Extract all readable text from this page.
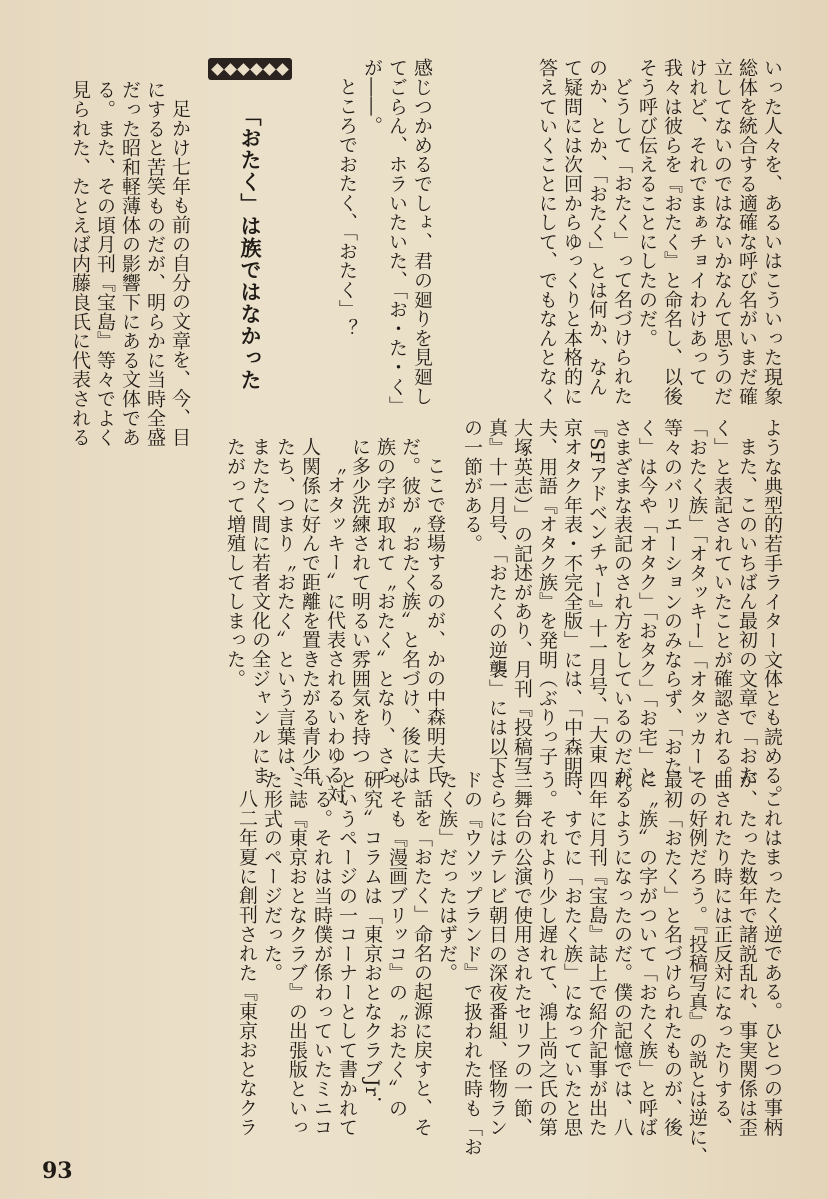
いった人々を、あるいはこういった現象
総体を統合する適確な呼び名がいまだ確
立してないのではないかなんて思うのだ
けれど、それでまぁチョイわけあって
我々は彼らを『おたく』と命名し、以後
そう呼び伝えることにしたのだ。
どうして「おたく」って名づけられた
のか、とか、「おたく」とは何か、なん
て疑問には次回からゆっくりと本格的に
答えていくことにして、でもなんとなく
感じつかめるでしょ、君の廻りを見廻し
てごらん、ホラいたいた、「お・た・く」
が――。
ところでおたく、「おたく」？
「おたく」は族ではなかった
足かけ七年も前の自分の文章を、今、目
にすると苦笑ものだが、明らかに当時全盛
だった昭和軽薄体の影響下にある文体であ
る。また、その頃月刊『宝島』等々でよく
見られた、たとえば内藤良氏に代表される
ような典型的若手ライター文体とも読める。
また、このいちばん最初の文章で「おた
く」と表記されていたことが確認される。
「おたく族」「オタッキー」「オタッカー」
等々のバリエーションのみならず、「おた
く」は今や「オタク」「おタク」「お宅」と
さまざまな表記のされ方をしているのだが。
『SFアドベンチャー』十一月号、「大東
京オタク年表・不完全版」には、「中森明
夫、用語『オタク族』を発明（ぶりっ子
大塚英志）」の記述があり、月刊『投稿写
真』十一月号、「おたくの逆襲」には以下
の一節がある。
ここで登場するのが、かの中森明夫氏
だ。彼が〝おたく族〟と名づけ、後には
族の字が取れて〝おたく〟となり、さら
に多少洗練されて明るい雰囲気を持つ
〝オタッキー〟に代表されるいわゆる対
人関係に好んで距離を置きたがる青少年
たち、つまり〝おたく〟という言葉は、
またたく間に若者文化の全ジャンルにま
たがって増殖してしまった。
これはまったく逆である。ひとつの事柄
が、たった数年で諸説乱れ、事実関係は歪
曲されたり時には正反対になったりする、
その好例だろう。『投稿写真』の説とは逆に、
最初「おたく」と名づけられたものが、後
に〝族〟の字がついて「おたく族」と呼ば
れるようになったのだ。僕の記憶では、八
四年に月刊『宝島』誌上で紹介記事が出た
時、すでに「おたく族」になっていたと思
う。それより少し遅れて、鴻上尚之氏の第
三舞台の公演で使用されたセリフの一節、
さらにはテレビ朝日の深夜番組、怪物ラン
ドの『ウソップランド』で扱われた時も「お
たく族」だったはずだ。
話を「おたく」命名の起源に戻すと、そ
もそも『漫画ブリッコ』の〝おたく〟の
研究〟コラムは「東京おとなクラブJr．
というページの一コーナーとして書かれて
いる。それは当時僕が係わっていたミニコ
ミ誌『東京おとなクラブ』の出張版といっ
た形式のページだった。
八二年夏に創刊された『東京おとなクラ
93
